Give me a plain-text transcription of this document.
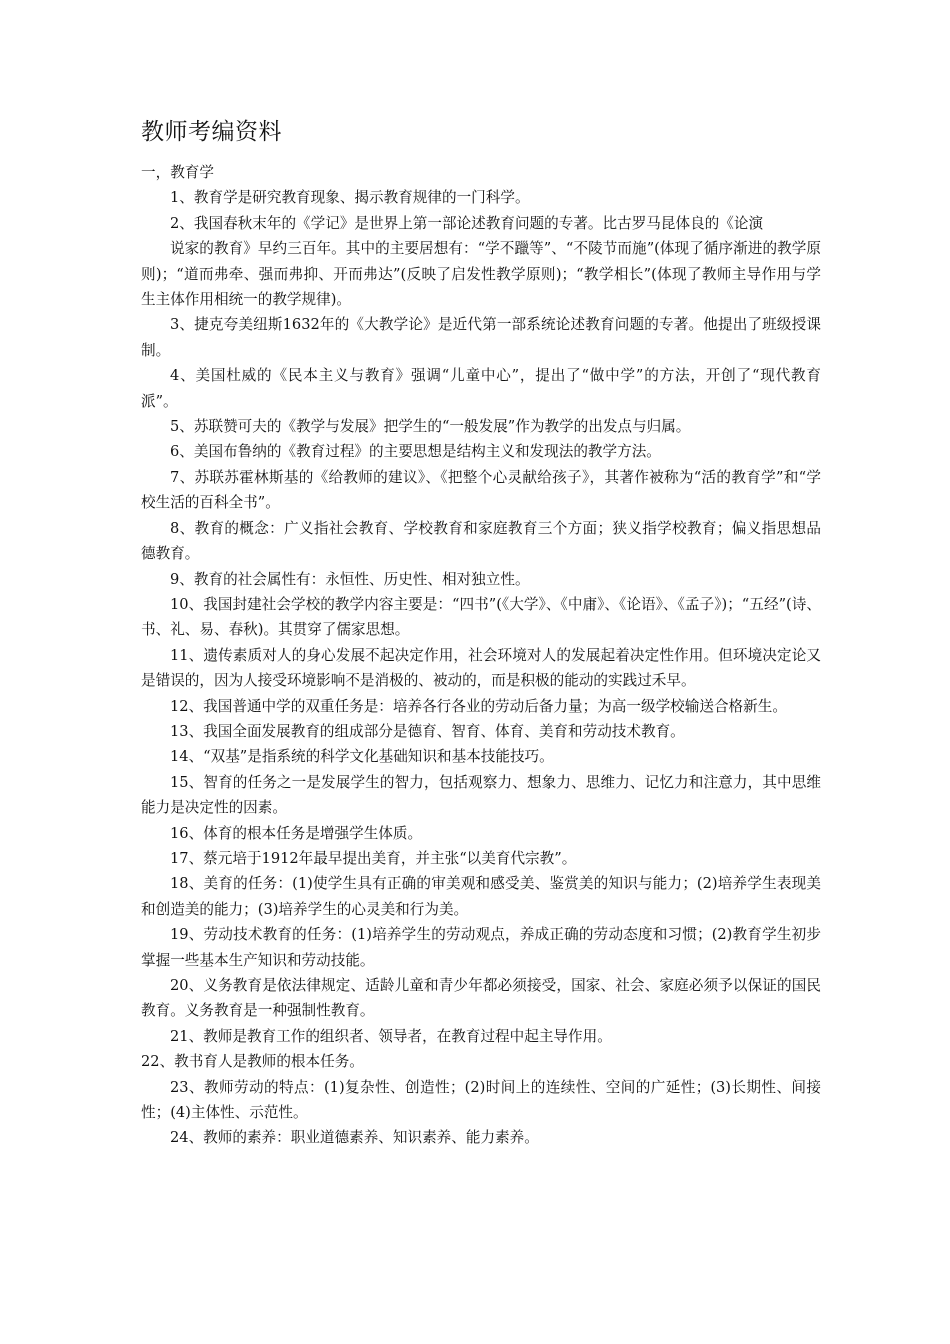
教师考编资料

一，教育学

1、教育学是研究教育现象、揭示教育规律的一门科学。

2、我国春秋末年的《学记》是世界上第一部论述教育问题的专著。比古罗马昆体良的《论演

说家的教育》早约三百年。其中的主要居想有：“学不躐等”、“不陵节而施”(体现了循序渐进的教学原则)；“道而弗牵、强而弗抑、开而弗达”(反映了启发性教学原则)；“教学相长”(体现了教师主导作用与学生主体作用相统一的教学规律)。

3、捷克夸美纽斯1632年的《大教学论》是近代第一部系统论述教育问题的专著。他提出了班级授课制。

4、美国杜威的《民本主义与教育》强调“儿童中心”，提出了“做中学”的方法，开创了“现代教育派”。

5、苏联赞可夫的《教学与发展》把学生的“一般发展”作为教学的出发点与归属。

6、美国布鲁纳的《教育过程》的主要思想是结构主义和发现法的教学方法。

7、苏联苏霍林斯基的《给教师的建议》、《把整个心灵献给孩子》，其著作被称为“活的教育学”和“学校生活的百科全书”。

8、教育的概念：广义指社会教育、学校教育和家庭教育三个方面；狭义指学校教育；偏义指思想品德教育。

9、教育的社会属性有：永恒性、历史性、相对独立性。

10、我国封建社会学校的教学内容主要是：“四书”(《大学》、《中庸》、《论语》、《孟子》)；“五经”(诗、书、礼、易、春秋)。其贯穿了儒家思想。

11、遗传素质对人的身心发展不起决定作用，社会环境对人的发展起着决定性作用。但环境决定论又是错误的，因为人接受环境影响不是消极的、被动的，而是积极的能动的实践过禾早。

12、我国普通中学的双重任务是：培养各行各业的劳动后备力量；为高一级学校输送合格新生。

13、我国全面发展教育的组成部分是德育、智育、体育、美育和劳动技术教育。

14、“双基”是指系统的科学文化基础知识和基本技能技巧。

15、智育的任务之一是发展学生的智力，包括观察力、想象力、思维力、记忆力和注意力，其中思维能力是决定性的因素。

16、体育的根本任务是增强学生体质。

17、蔡元培于1912年最早提出美育，并主张“以美育代宗教”。

18、美育的任务：(1)使学生具有正确的审美观和感受美、鉴赏美的知识与能力；(2)培养学生表现美和创造美的能力；(3)培养学生的心灵美和行为美。

19、劳动技术教育的任务：(1)培养学生的劳动观点，养成正确的劳动态度和习惯；(2)教育学生初步掌握一些基本生产知识和劳动技能。

20、义务教育是依法律规定、适龄儿童和青少年都必须接受，国家、社会、家庭必须予以保证的国民教育。义务教育是一种强制性教育。

21、教师是教育工作的组织者、领导者，在教育过程中起主导作用。

22、教书育人是教师的根本任务。

23、教师劳动的特点：(1)复杂性、创造性；(2)时间上的连续性、空间的广延性；(3)长期性、间接性；(4)主体性、示范性。

24、教师的素养：职业道德素养、知识素养、能力素养。
